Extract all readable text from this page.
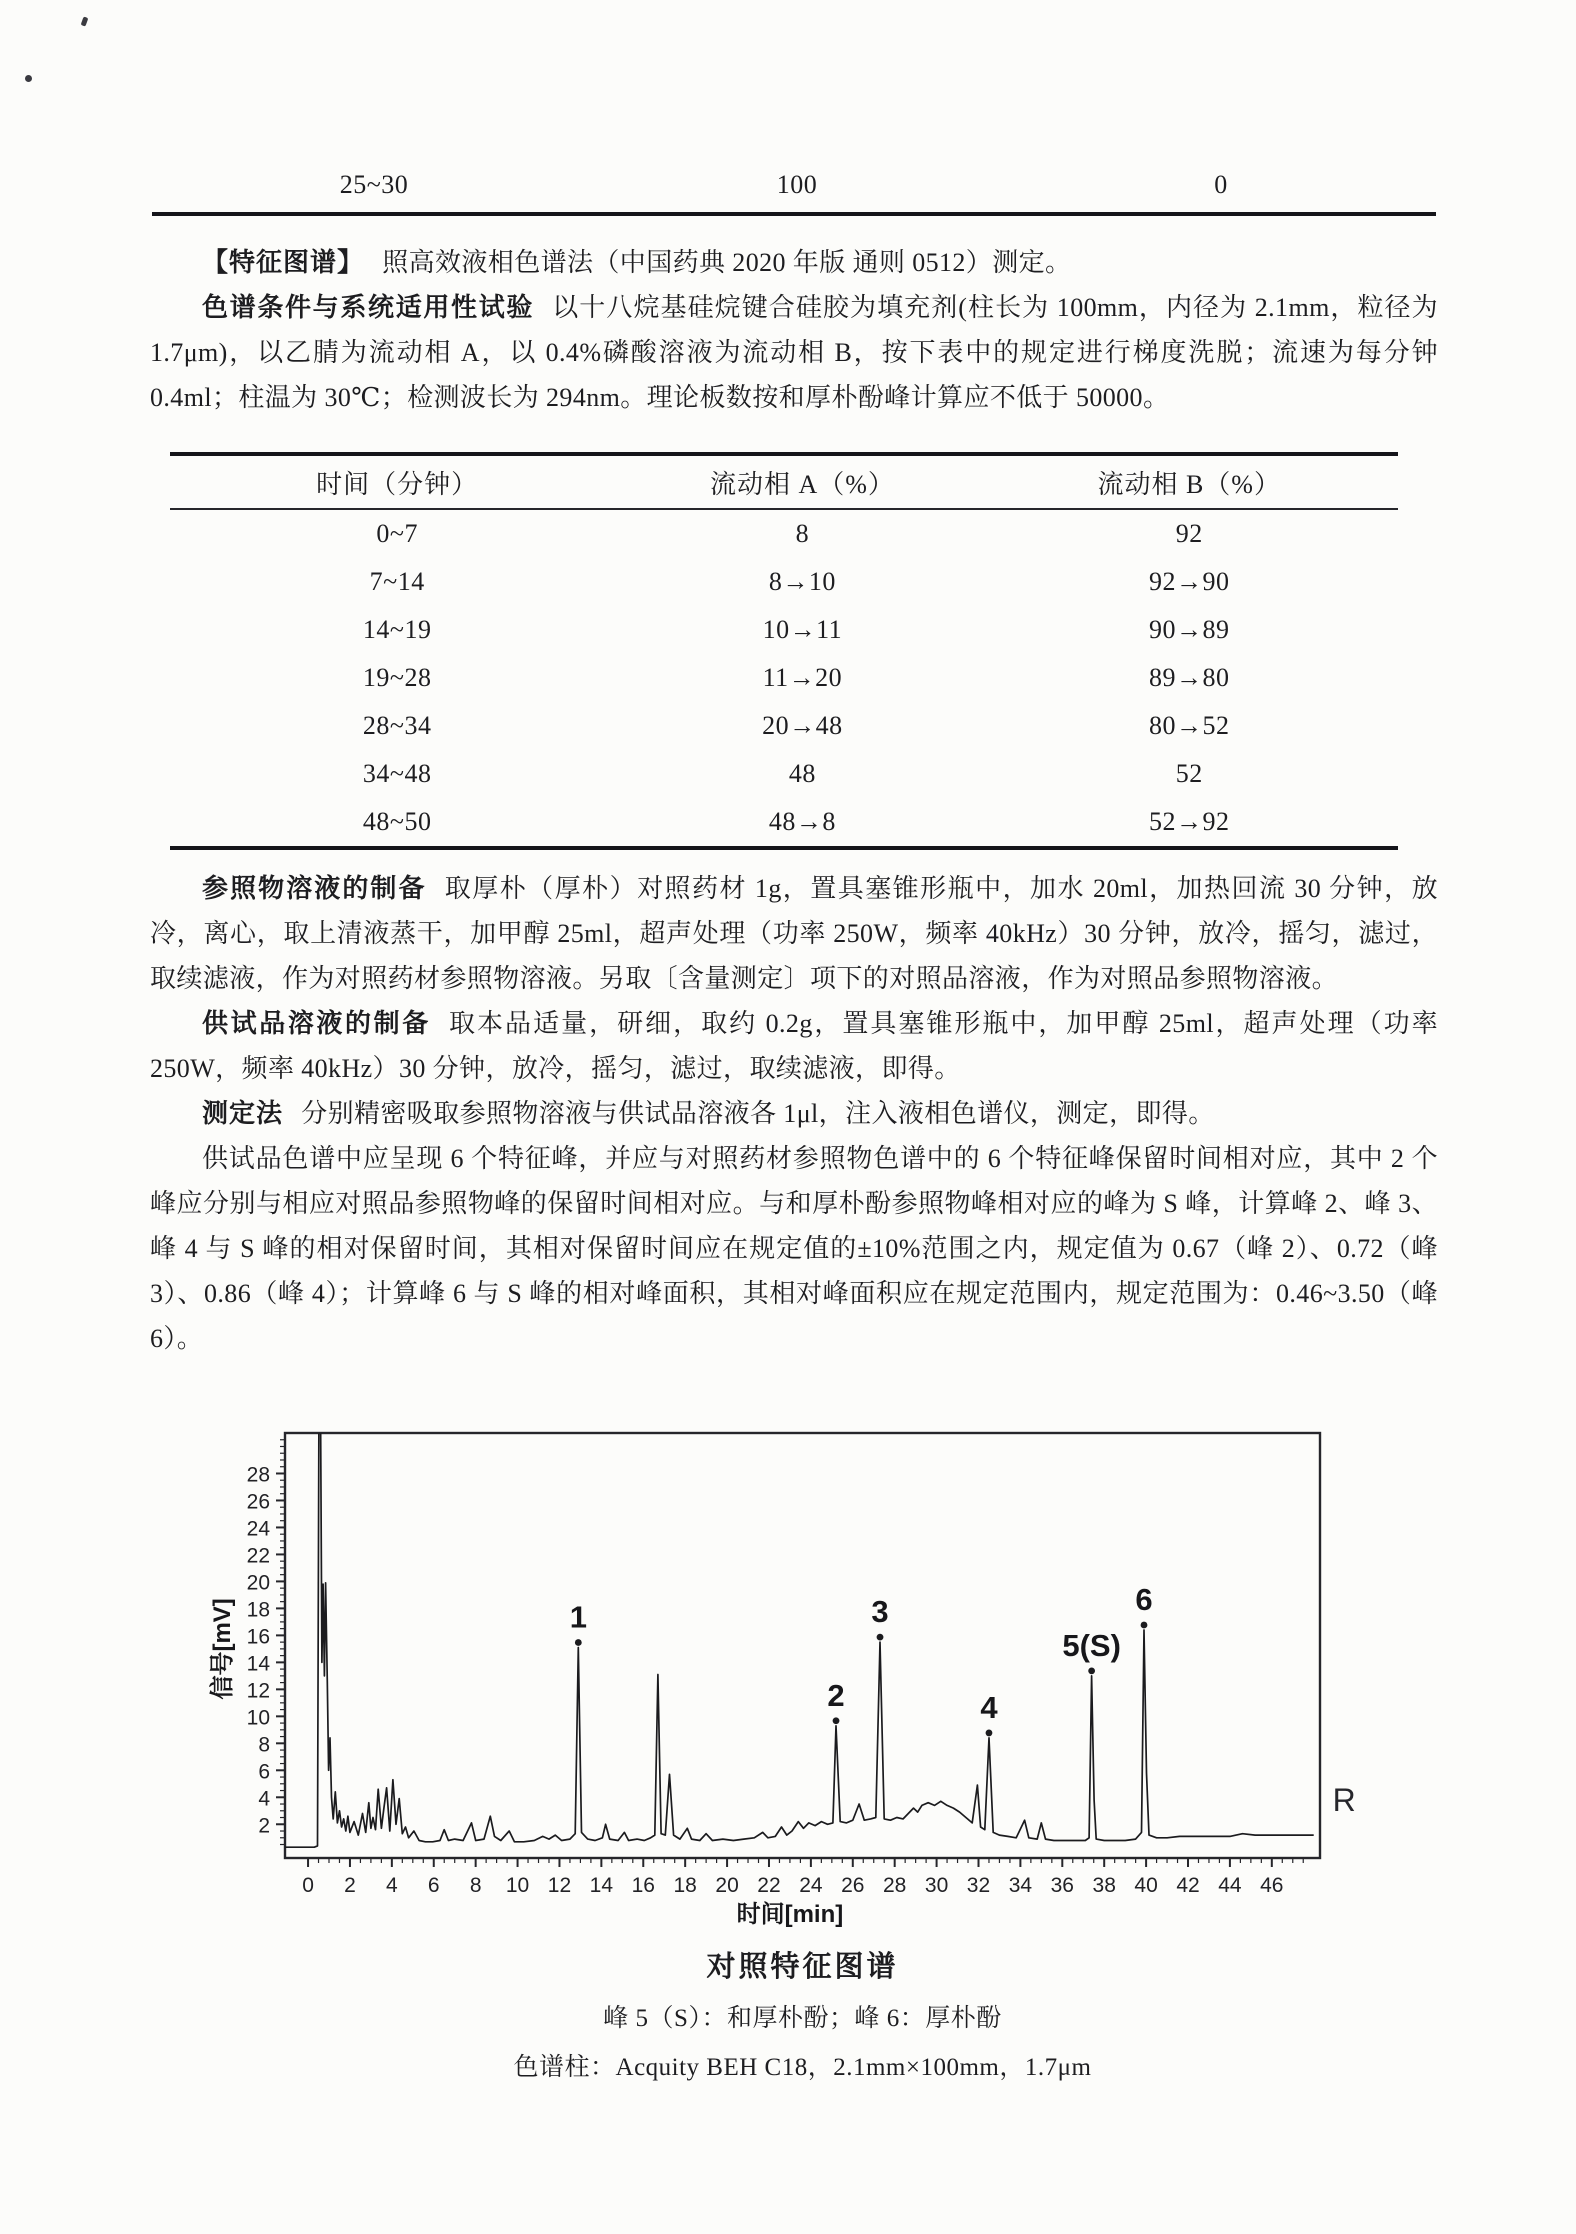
25~30	100	0

【特征图谱】 照高效液相色谱法（中国药典 2020 年版 通则 0512）测定。

色谱条件与系统适用性试验 以十八烷基硅烷键合硅胶为填充剂(柱长为 100mm，内径为 2.1mm，粒径为 1.7μm)，以乙腈为流动相 A，以 0.4%磷酸溶液为流动相 B，按下表中的规定进行梯度洗脱；流速为每分钟 0.4ml；柱温为 30℃；检测波长为 294nm。理论板数按和厚朴酚峰计算应不低于 50000。

时间（分钟）	流动相 A（%）	流动相 B（%）
0~7	8	92
7~14	8→10	92→90
14~19	10→11	90→89
19~28	11→20	89→80
28~34	20→48	80→52
34~48	48	52
48~50	48→8	52→92

参照物溶液的制备 取厚朴（厚朴）对照药材 1g，置具塞锥形瓶中，加水 20ml，加热回流 30 分钟，放冷，离心，取上清液蒸干，加甲醇 25ml，超声处理（功率 250W，频率 40kHz）30 分钟，放冷，摇匀，滤过，取续滤液，作为对照药材参照物溶液。另取〔含量测定〕项下的对照品溶液，作为对照品参照物溶液。

供试品溶液的制备 取本品适量，研细，取约 0.2g，置具塞锥形瓶中，加甲醇 25ml，超声处理（功率 250W，频率 40kHz）30 分钟，放冷，摇匀，滤过，取续滤液，即得。

测定法 分别精密吸取参照物溶液与供试品溶液各 1μl，注入液相色谱仪，测定，即得。

供试品色谱中应呈现 6 个特征峰，并应与对照药材参照物色谱中的 6 个特征峰保留时间相对应，其中 2 个峰应分别与相应对照品参照物峰的保留时间相对应。与和厚朴酚参照物峰相对应的峰为 S 峰，计算峰 2、峰 3、峰 4 与 S 峰的相对保留时间，其相对保留时间应在规定值的±10%范围之内，规定值为 0.67（峰 2）、0.72（峰 3）、0.86（峰 4）；计算峰 6 与 S 峰的相对峰面积，其相对峰面积应在规定范围内，规定范围为：0.46~3.50（峰 6）。

0 2 4 6 8 10 12 14 16 18 20 22 24 26 28 30 32 34 36 38 40 42 44 46
2
4
6
8
10
12
14
16
18
20
22
24
26
28
1
2
3
4
5(S)
6
R
信号[mV]
时间[min]
对照特征图谱
峰 5（S）：和厚朴酚；峰 6：厚朴酚
色谱柱：Acquity BEH C18，2.1mm×100mm，1.7μm
